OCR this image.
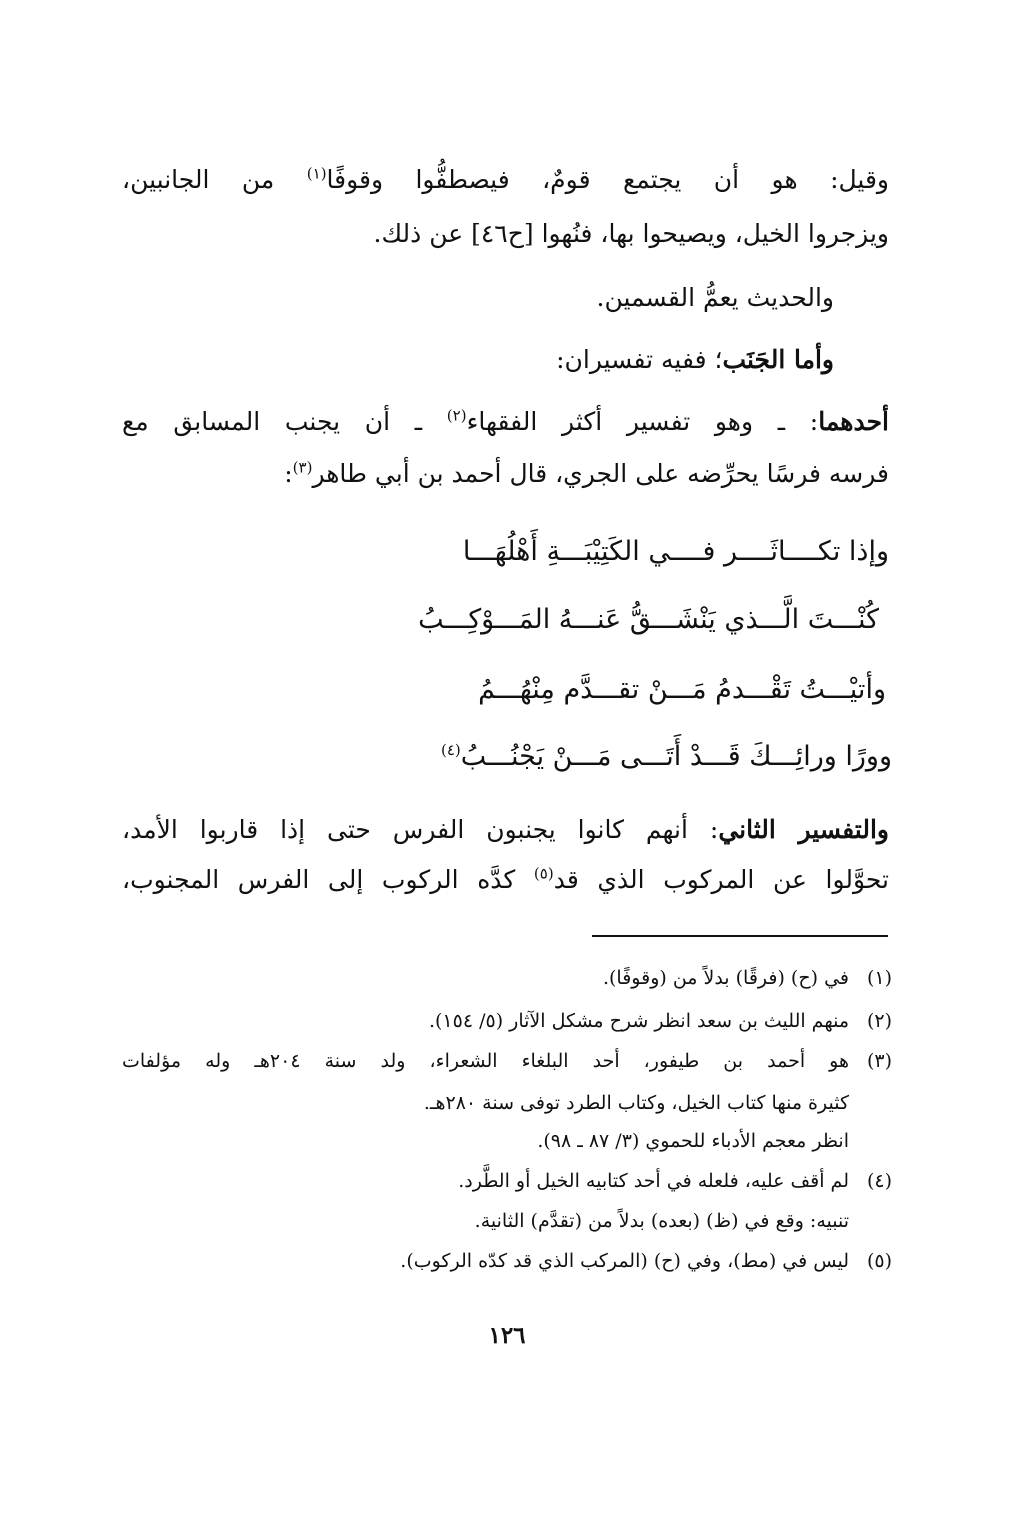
وقيل: هو أن يجتمع قومٌ، فيصطفُّوا وقوفًا$^{(١)}$ من الجانبين،
ويزجروا الخيل، ويصيحوا بها، فنُهوا [ح٤٦] عن ذلك.
والحديث يعمُّ القسمين.
وأما الجَنَب؛ ففيه تفسيران:
أحدهما: ـ وهو تفسير أكثر الفقهاء$^{(٢)}$ ـ أن يجنب المسابق مع
فرسه فرسًا يحرِّضه على الجري، قال أحمد بن أبي طاهر$^{(٣)}$:
وإذا تكــــاثَــــر فــــي الكَتِيْبَـــةِ أَهْلُهَـــا
كُنْـــتَ الَّـــذي يَنْشَـــقُّ عَنـــهُ المَـــوْكِـــبُ
وأتيْـــتُ تَقْـــدمُ مَـــنْ تقـــدَّم مِنْهُـــمُ
وورًا ورائِـــكَ قَـــدْ أَتَـــى مَـــنْ يَجْنُـــبُ$^{(٤)}$
والتفسير الثاني: أنهم كانوا يجنبون الفرس حتى إذا قاربوا الأمد،
تحوَّلوا عن المركوب الذي قد$^{(٥)}$ كدَّه الركوب إلى الفرس المجنوب،
(١)
في (ح) (فرقًا) بدلاً من (وقوفًا).
(٢)
منهم الليث بن سعد انظر شرح مشكل الآثار (٥/ ١٥٤).
(٣)
هو أحمد بن طيفور، أحد البلغاء الشعراء، ولد سنة ٢٠٤هـ وله مؤلفات
كثيرة منها كتاب الخيل، وكتاب الطرد توفى سنة ٢٨٠هـ.
انظر معجم الأدباء للحموي (٣/ ٨٧ ـ ٩٨).
(٤)
لم أقف عليه، فلعله في أحد كتابيه الخيل أو الطَّرد.
تنبيه: وقع في (ظ) (بعده) بدلاً من (تقدَّم) الثانية.
(٥)
ليس في (مط)، وفي (ح) (المركب الذي قد كدّه الركوب).
١٢٦
